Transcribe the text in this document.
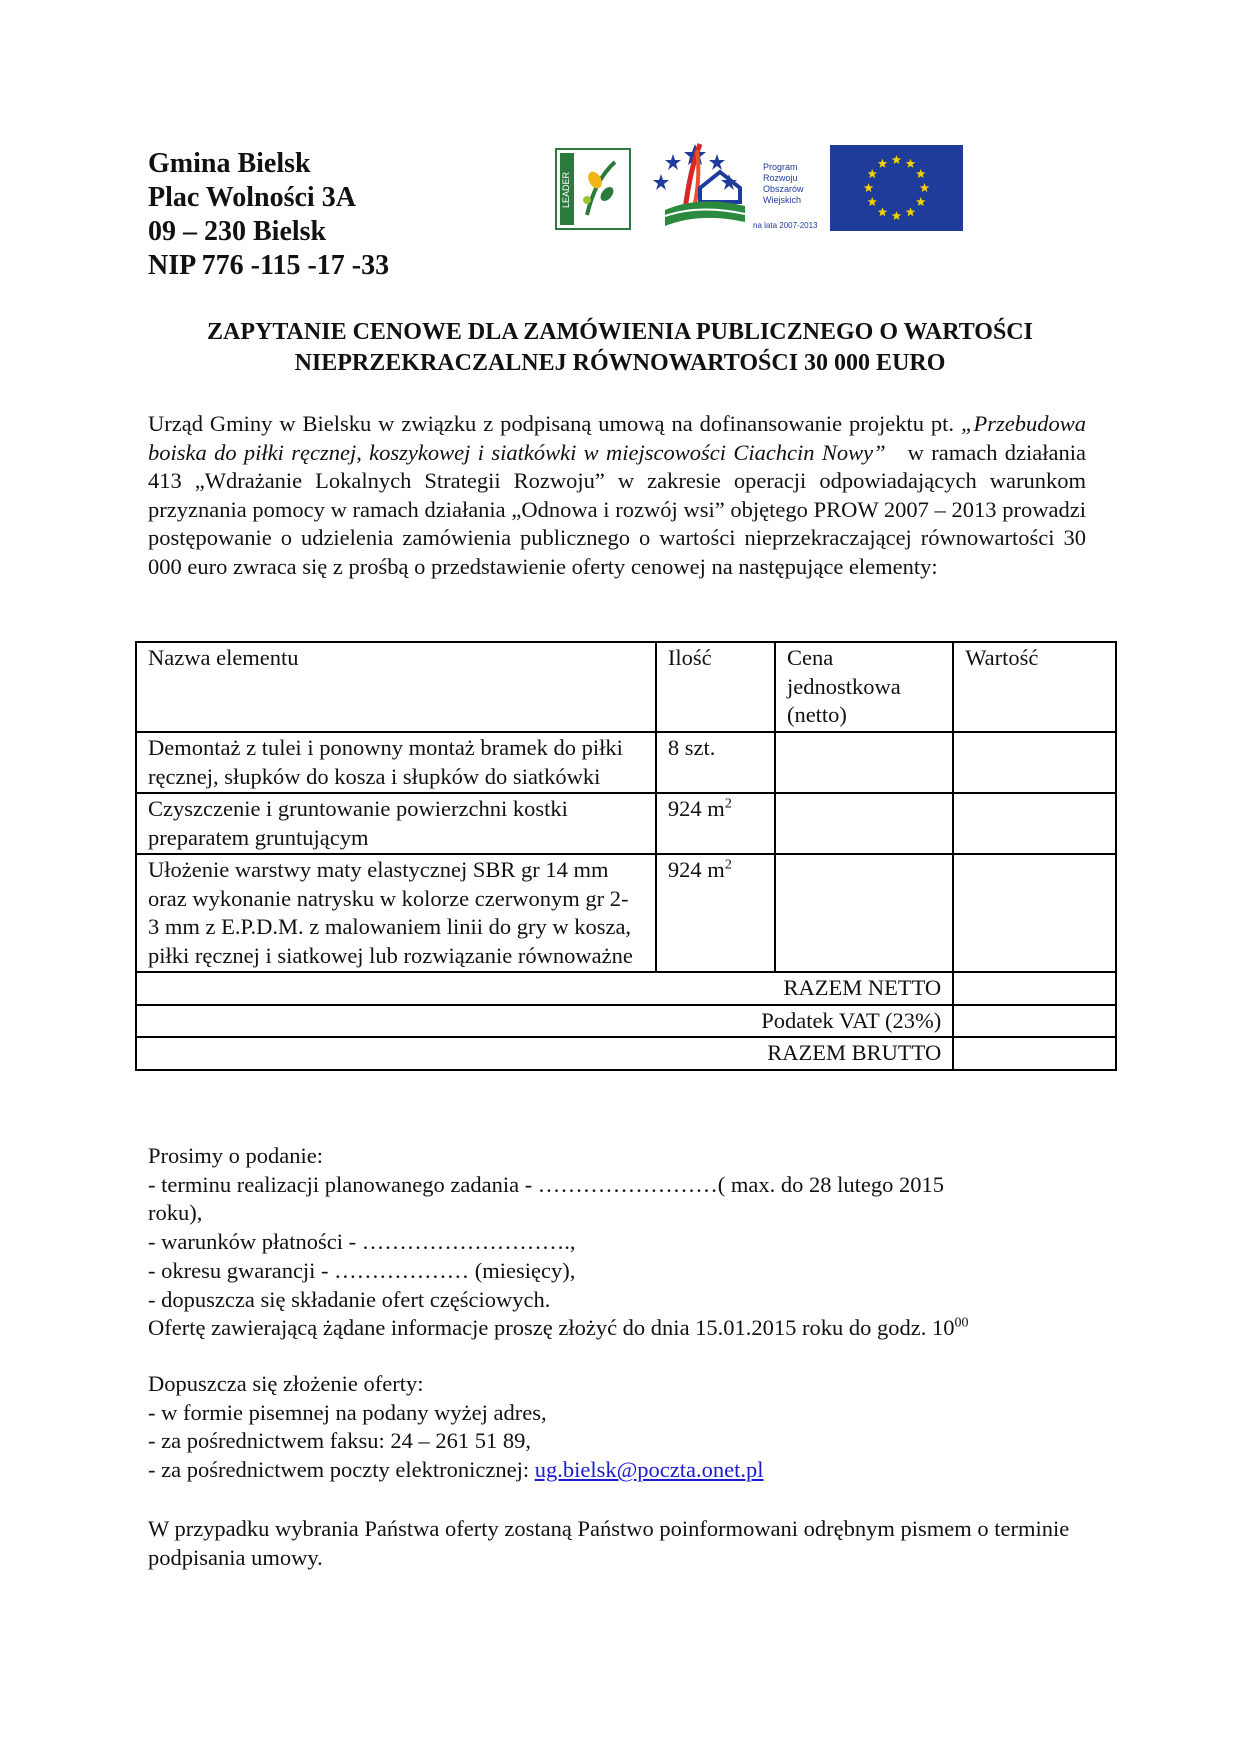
Gmina Bielsk
Plac Wolności 3A
09 – 230 Bielsk
NIP 776 -115 -17 -33
LEADER
Program
Rozwoju
Obszarów
Wiejskich
na lata 2007-2013
ZAPYTANIE CENOWE DLA ZAMÓWIENIA PUBLICZNEGO O WARTOŚCI
NIEPRZEKRACZALNEJ RÓWNOWARTOŚCI 30 000 EURO
Urząd Gminy w Bielsku w związku z podpisaną umową na dofinansowanie projektu pt. „Przebudowa boiska do piłki ręcznej, koszykowej i siatkówki w miejscowości Ciachcin Nowy” w ramach działania 413 „Wdrażanie Lokalnych Strategii Rozwoju” w zakresie operacji odpowiadających warunkom przyznania pomocy w ramach działania „Odnowa i rozwój wsi” objętego PROW 2007 – 2013 prowadzi postępowanie o udzielenia zamówienia publicznego o wartości nieprzekraczającej równowartości 30 000 euro zwraca się z prośbą o przedstawienie oferty cenowej na następujące elementy:
Nazwa elementu	Ilość	Cena jednostkowa (netto)	Wartość
Demontaż z tulei i ponowny montaż bramek do piłki ręcznej, słupków do kosza i słupków do siatkówki	8 szt.		
Czyszczenie i gruntowanie powierzchni kostki preparatem gruntującym	924 $m^2$		
Ułożenie warstwy maty elastycznej SBR gr 14 mm oraz wykonanie natrysku w kolorze czerwonym gr 2- 3 mm z E.P.D.M. z malowaniem linii do gry w kosza, piłki ręcznej i siatkowej lub rozwiązanie równoważne	924 $m^2$		
RAZEM NETTO			
Podatek VAT (23%)			
RAZEM BRUTTO			
Prosimy o podanie:
- terminu realizacji planowanego zadania - ……………………( max. do 28 lutego 2015
roku),
- warunków płatności - ……………………….,
- okresu gwarancji - ……………… (miesięcy),
- dopuszcza się składanie ofert częściowych.
Ofertę zawierającą żądane informacje proszę złożyć do dnia 15.01.2015 roku do godz. $10^{00}$
Dopuszcza się złożenie oferty:
- w formie pisemnej na podany wyżej adres,
- za pośrednictwem faksu: 24 – 261 51 89,
- za pośrednictwem poczty elektronicznej: ug.bielsk@poczta.onet.pl
W przypadku wybrania Państwa oferty zostaną Państwo poinformowani odrębnym pismem o terminie podpisania umowy.
